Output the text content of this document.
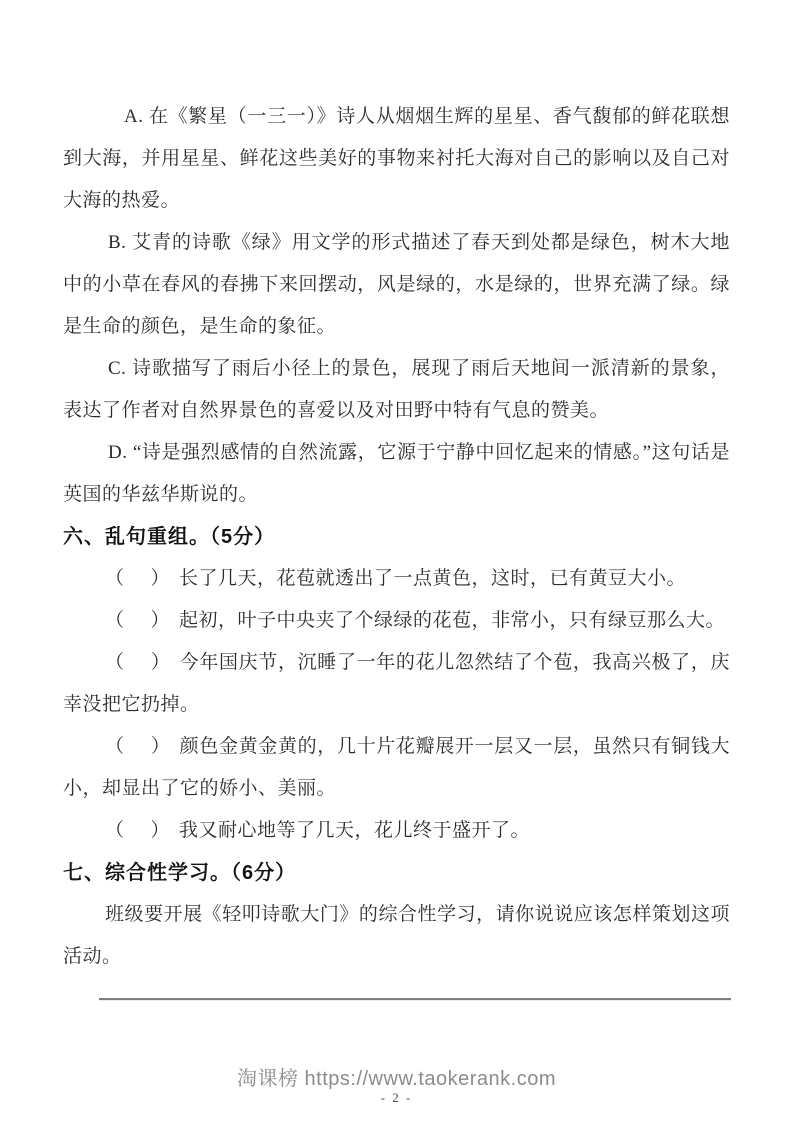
A. 在《繁星（一三一）》诗人从烟烟生辉的星星、香气馥郁的鲜花联想到大海，并用星星、鲜花这些美好的事物来衬托大海对自己的影响以及自己对大海的热爱。

B. 艾青的诗歌《绿》用文学的形式描述了春天到处都是绿色，树木大地中的小草在春风的春拂下来回摆动，风是绿的，水是绿的，世界充满了绿。绿是生命的颜色，是生命的象征。

C. 诗歌描写了雨后小径上的景色，展现了雨后天地间一派清新的景象，表达了作者对自然界景色的喜爱以及对田野中特有气息的赞美。

D. “诗是强烈感情的自然流露，它源于宁静中回忆起来的情感。”这句话是英国的华兹华斯说的。

六、乱句重组。（5分）

（ ） 长了几天，花苞就透出了一点黄色，这时，已有黄豆大小。

（ ） 起初，叶子中央夹了个绿绿的花苞，非常小，只有绿豆那么大。

（ ） 今年国庆节，沉睡了一年的花儿忽然结了个苞，我高兴极了，庆幸没把它扔掉。

（ ） 颜色金黄金黄的，几十片花瓣展开一层又一层，虽然只有铜钱大小，却显出了它的娇小、美丽。

（ ） 我又耐心地等了几天，花儿终于盛开了。

七、综合性学习。（6分）

班级要开展《轻叩诗歌大门》的综合性学习，请你说说应该怎样策划这项活动。

淘课榜 https://www.taokerank.com
- 2 -
